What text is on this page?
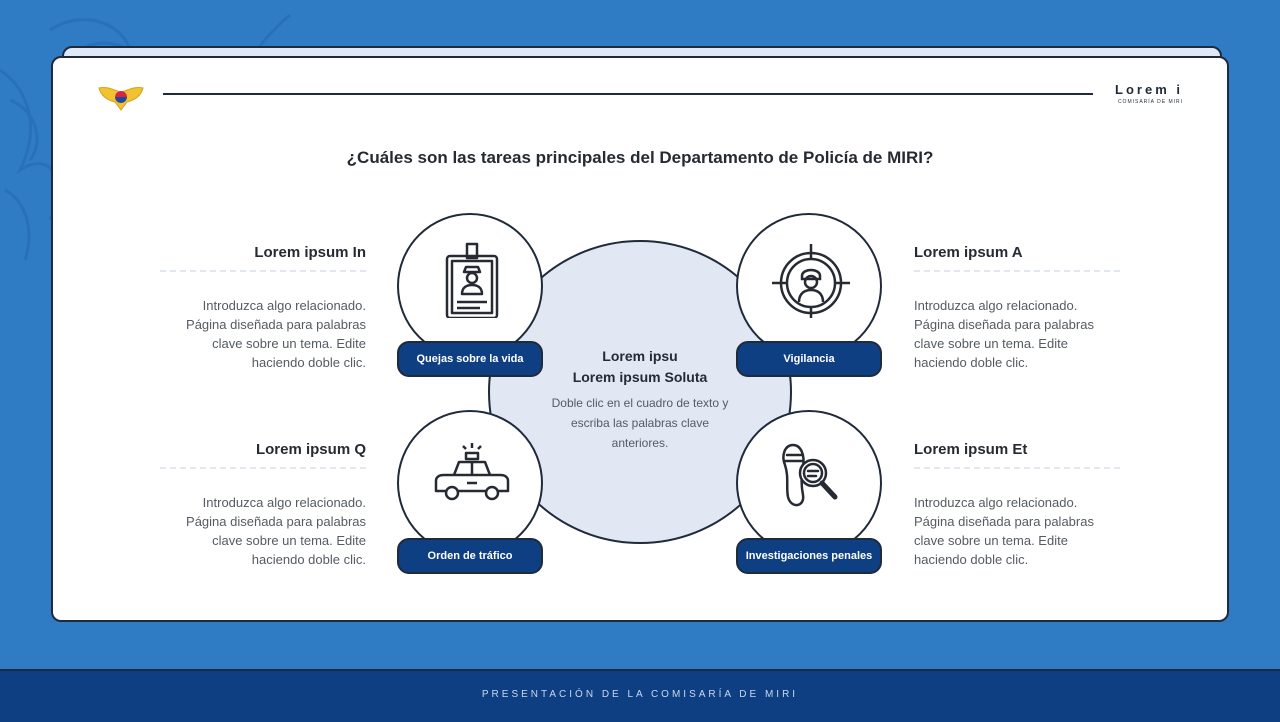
Lorem i
COMISARÍA DE MIRI
¿Cuáles son las tareas principales del Departamento de Policía de MIRI?
Lorem ipsum In
Introduzca algo relacionado. Página diseñada para palabras clave sobre un tema. Edite haciendo doble clic.
Lorem ipsum A
Introduzca algo relacionado. Página diseñada para palabras clave sobre un tema. Edite haciendo doble clic.
Lorem ipsum Q
Introduzca algo relacionado. Página diseñada para palabras clave sobre un tema. Edite haciendo doble clic.
Lorem ipsum Et
Introduzca algo relacionado. Página diseñada para palabras clave sobre un tema. Edite haciendo doble clic.
Lorem ipsu
Lorem ipsum Soluta
Doble clic en el cuadro de texto y escriba las palabras clave anteriores.
Quejas sobre la vida	Vigilancia
Orden de tráfico	Investigaciones penales
PRESENTACIÓN DE LA COMISARÍA DE MIRI
